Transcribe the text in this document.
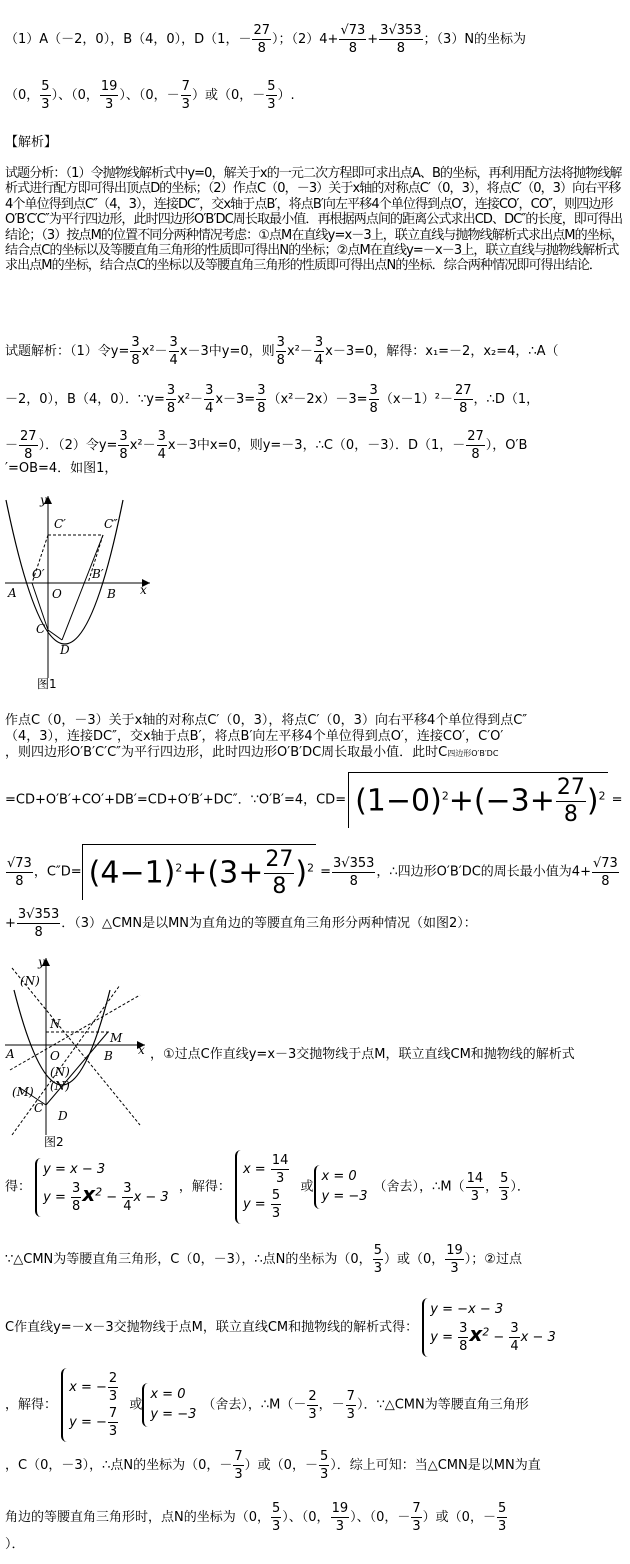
（1）A（－2，0），B（4，0），D（1，－ $\frac{27}{8}$ ）；$(2)4+ \frac{√73}{8} + \frac{3√353}{8}$ ；（3）N的坐标为
（0， $\frac{5}{3}$ ）、（0， $\frac{19}{3}$ ）、（0，－ $\frac{7}{3}$ ）或（0，－ $\frac{5}{3}$ ）.
【解析】
试题分析：（1）令抛物线解析式中y=0，解关于x的一元二次方程即可求出点A、B的坐标，再利用配方法将抛物线解析式进行配方即可得出顶点D的坐标；（2）作点C（0，－3）关于x轴的对称点C′（0，3），将点C′（0，3）向右平移4个单位得到点C″（4，3），连接DC″，交x轴于点B′，将点B′向左平移4个单位得到点O′，连接CO′，CO″，则四边形O′B′C′C″为平行四边形，此时四边形O′B′DC周长取最小值．再根据两点间的距离公式求出CD、DC″的长度，即可得出结论；（3）按点M的位置不同分两种情况考虑：①点M在直线y=x－3上，联立直线与抛物线解析式求出点M的坐标，结合点C的坐标以及等腰直角三角形的性质即可得出N的坐标；②点M在直线y=－x－3上，联立直线与抛物线解析式求出点M的坐标，结合点C的坐标以及等腰直角三角形的性质即可得出点N的坐标．综合两种情况即可得出结论．
试题解析：（1）令$y= \frac{3}{8} x^2- \frac{3}{4} x-3$中y=0，则 $\frac{3}{8} x^2- \frac{3}{4} x-3=0$，解得：x₁=－2，x₂=4，∴A（
－2，0），B（4，0）．∵y= $\frac{3}{8} x^2- \frac{3}{4} x-3= \frac{3}{8} (x^2-2x)-3= \frac{3}{8} (x-1)^2- \frac{27}{8}$ ，∴D（1，
－ $\frac{27}{8}$ ）．（2）令$y= \frac{3}{8} x^2- \frac{3}{4} x-3$中x=0，则y=－3，∴C（0，－3）．D（1，－ $\frac{27}{8}$ ），O′B
′=OB=4．如图1，
y
x
C′	C″
O′	B′
A	O	B
C
D
图1
作点C（0，－3）关于x轴的对称点C′（0，3），将点C′（0，3）向右平移4个单位得到点C″
（4，3），连接DC″，交x轴于点B′，将点B′向左平移4个单位得到点O′，连接CO′，C′O′
，则四边形O′B′C′C″为平行四边形，此时四边形O′B′DC周长取最小值．此时C四边形O′B′DC
=CD+O′B′+CO′+DB′=CD+O′B′+DC″．∵O′B′=4，$CD= (1-0)^2+(-3+ \frac{27}{8} )^2$ =
$\frac{√73}{8}$ ，$C''D= (4-1)^2+(3+ \frac{27}{8} )^2 = \frac{3√353}{8}$ ，∴四边形O′B′DC的周长最小值为$4+ \frac{√73}{8}$
+ $\frac{3√353}{8}$ ．（3）△CMN是以MN为直角边的等腰直角三角形分两种情况（如图2）：
y
x
(N)
N
M
A	O	B
(M)
(N)
(N)
C
D
图2
，①过点C作直线y=x－3交抛物线于点M，联立直线CM和抛物线的解析式
得：
y = x − 3
$y = \frac{3}{8} x^2 - \frac{3}{4}$ x − 3
，解得：
$x = \frac{14}{3}$
$y = \frac{5}{3}$ 或
x = 0
y = −3
（舍去），∴M（ $\frac{14}{3}$ ， $\frac{5}{3}$ ）．
∵△CMN为等腰直角三角形，C（0，－3），∴点N的坐标为（0， $\frac{5}{3}$ ）或（0， $\frac{19}{3}$ ）；②过点
C作直线y=－x－3交抛物线于点M，联立直线CM和抛物线的解析式得：
y = −x − 3
$y = \frac{3}{8} x^2 - \frac{3}{4}$ x − 3
，解得：
x = − $\frac{2}{3}$
y = − $\frac{7}{3}$ 或
x = 0
y = −3
（舍去），∴M（－ $\frac{2}{3}$ ，－ $\frac{7}{3}$ ）．∵△CMN为等腰直角三角形
，C（0，－3），∴点N的坐标为（0，－ $\frac{7}{3}$ ）或（0，－ $\frac{5}{3}$ ）．综上可知：当△CMN是以MN为直
角边的等腰直角三角形时，点N的坐标为（0， $\frac{5}{3}$ ）、（0， $\frac{19}{3}$ ）、（0，－ $\frac{7}{3}$ ）或（0，－ $\frac{5}{3}$
）．
